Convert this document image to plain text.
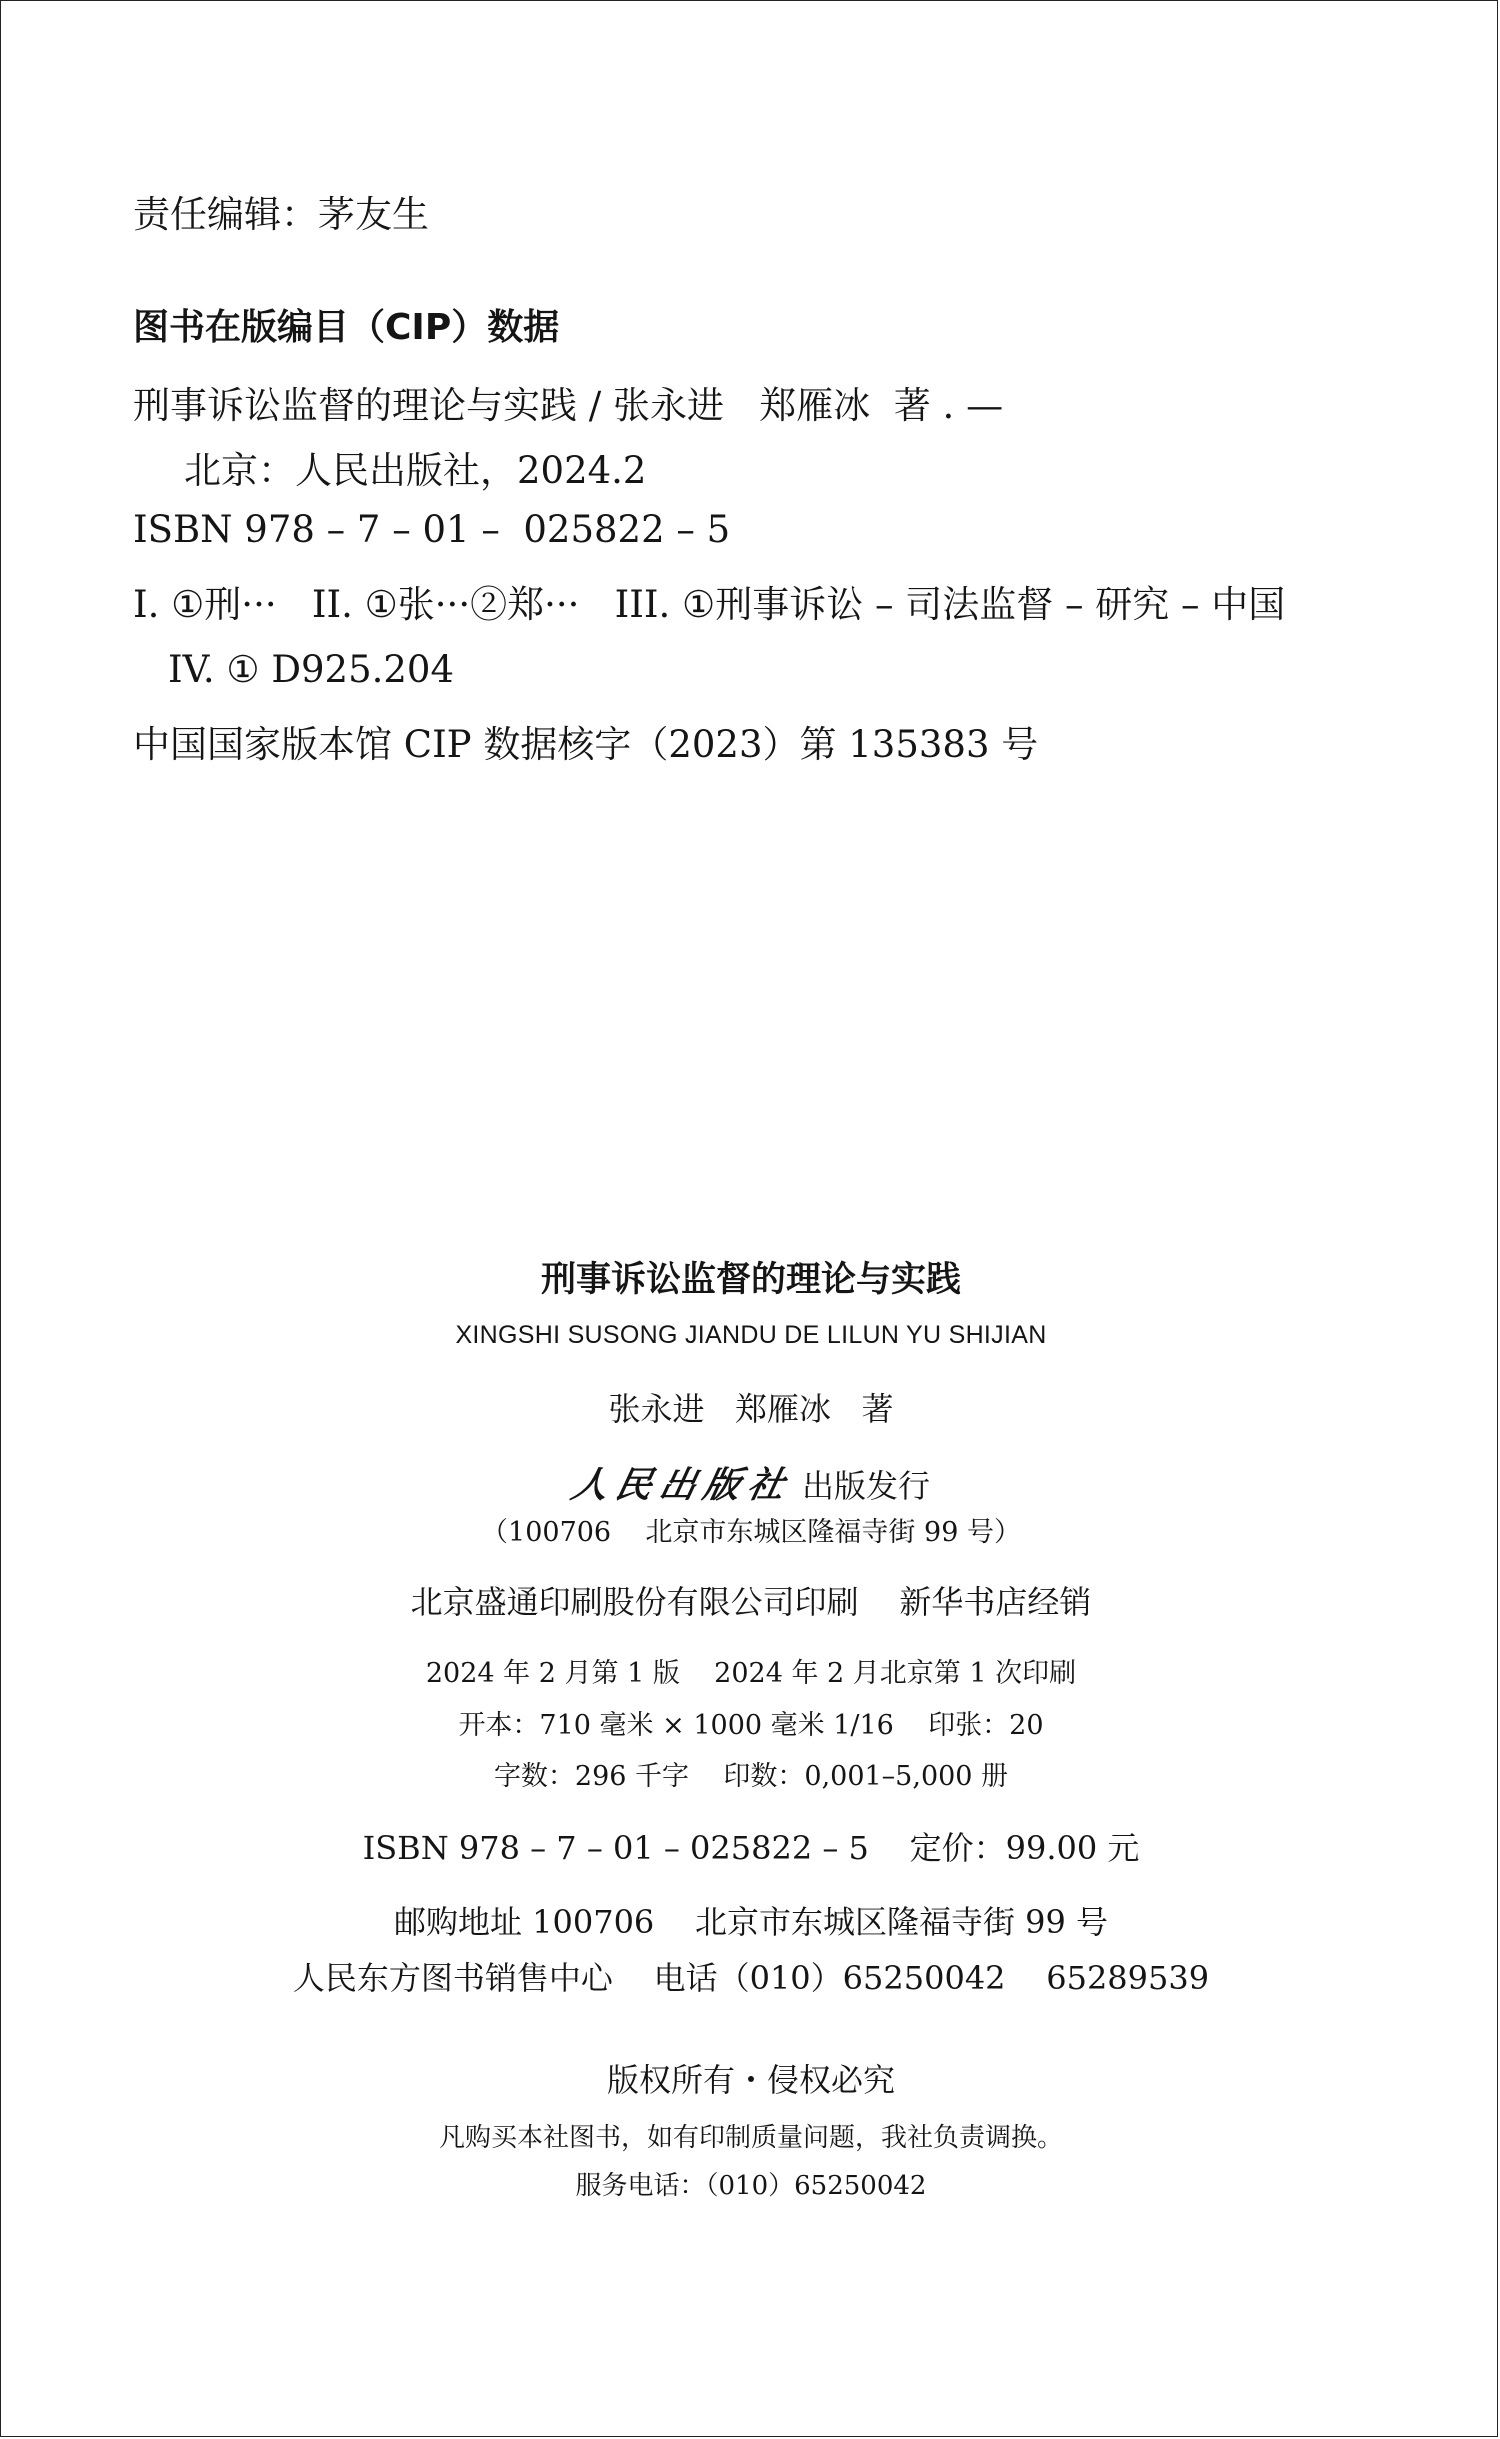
责任编辑：茅友生
图书在版编目（CIP）数据
刑事诉讼监督的理论与实践 / 张永进   郑雁冰  著 . —
北京：人民出版社，2024.2
ISBN 978 – 7 – 01 –  025822 – 5
I. ①刑···   II. ①张···②郑···   III. ①刑事诉讼 – 司法监督 – 研究 – 中国
IV. ① D925.204
中国国家版本馆 CIP 数据核字（2023）第 135383 号
刑事诉讼监督的理论与实践
XINGSHI SUSONG JIANDU DE LILUN YU SHIJIAN
张永进   郑雁冰   著
人民出版社 出版发行
（100706    北京市东城区隆福寺街 99 号）
北京盛通印刷股份有限公司印刷    新华书店经销
2024 年 2 月第 1 版    2024 年 2 月北京第 1 次印刷
开本：710 毫米 × 1000 毫米 1/16    印张：20
字数：296 千字    印数：0,001–5,000 册
ISBN 978 – 7 – 01 – 025822 – 5    定价：99.00 元
邮购地址 100706    北京市东城区隆福寺街 99 号
人民东方图书销售中心    电话（010）65250042    65289539
版权所有・侵权必究
凡购买本社图书，如有印制质量问题，我社负责调换。
服务电话：（010）65250042
